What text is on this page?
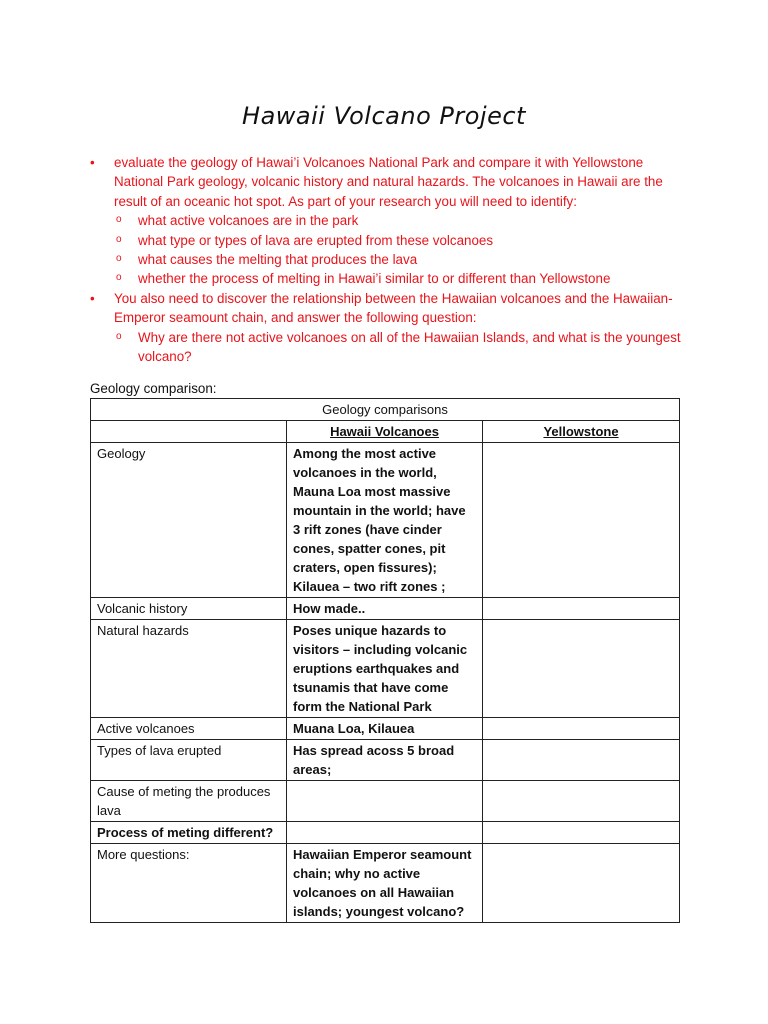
Hawaii Volcano Project
• evaluate the geology of Hawai’i Volcanoes National Park and compare it with Yellowstone National Park geology, volcanic history and natural hazards. The volcanoes in Hawaii are the result of an oceanic hot spot. As part of your research you will need to identify:
o what active volcanoes are in the park
o what type or types of lava are erupted from these volcanoes
o what causes the melting that produces the lava
o whether the process of melting in Hawai’i similar to or different than Yellowstone
• You also need to discover the relationship between the Hawaiian volcanoes and the Hawaiian-Emperor seamount chain, and answer the following question:
o Why are there not active volcanoes on all of the Hawaiian Islands, and what is the youngest volcano?
Geology comparison:
Geology comparisons		
	Hawaii Volcanoes	Yellowstone
Geology	Among the most active volcanoes in the world, Mauna Loa most massive mountain in the world; have 3 rift zones (have cinder cones, spatter cones, pit craters, open fissures); Kilauea – two rift zones ;	
Volcanic history	How made..	
Natural hazards	Poses unique hazards to visitors – including volcanic eruptions earthquakes and tsunamis that have come form the National Park	
Active volcanoes	Muana Loa, Kilauea	
Types of lava erupted	Has spread acoss 5 broad areas;	
Cause of meting the produces lava		
Process of meting different?		
More questions:	Hawaiian Emperor seamount chain; why no active volcanoes on all Hawaiian islands; youngest volcano?	
